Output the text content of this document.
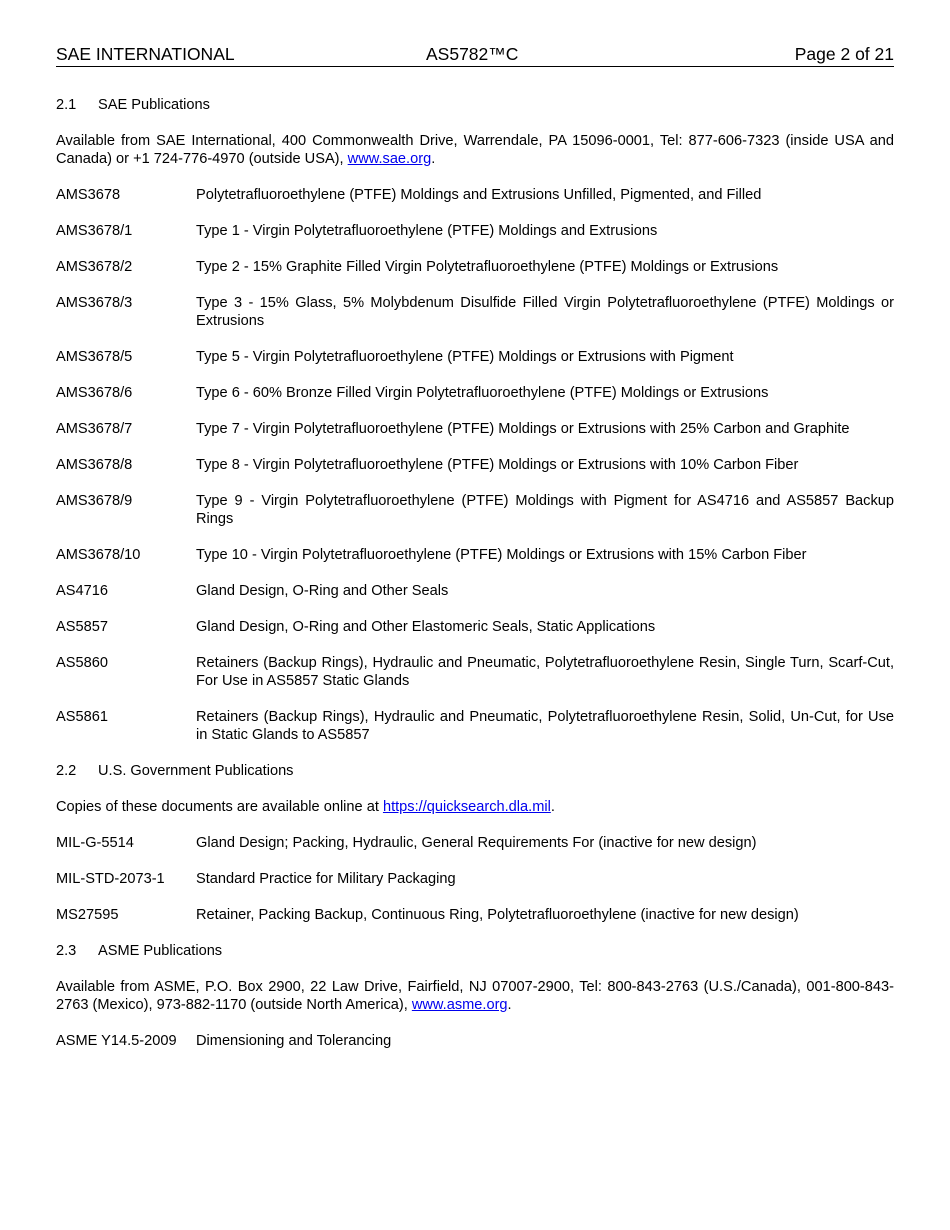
SAE INTERNATIONAL	AS5782™C	Page 2 of 21
2.1	SAE Publications
Available from SAE International, 400 Commonwealth Drive, Warrendale, PA 15096-0001, Tel: 877-606-7323 (inside USA and Canada) or +1 724-776-4970 (outside USA), www.sae.org.
AMS3678	Polytetrafluoroethylene (PTFE) Moldings and Extrusions Unfilled, Pigmented, and Filled
AMS3678/1	Type 1 - Virgin Polytetrafluoroethylene (PTFE) Moldings and Extrusions
AMS3678/2	Type 2 - 15% Graphite Filled Virgin Polytetrafluoroethylene (PTFE) Moldings or Extrusions
AMS3678/3	Type 3 - 15% Glass, 5% Molybdenum Disulfide Filled Virgin Polytetrafluoroethylene (PTFE) Moldings or Extrusions
AMS3678/5	Type 5 - Virgin Polytetrafluoroethylene (PTFE) Moldings or Extrusions with Pigment
AMS3678/6	Type 6 - 60% Bronze Filled Virgin Polytetrafluoroethylene (PTFE) Moldings or Extrusions
AMS3678/7	Type 7 - Virgin Polytetrafluoroethylene (PTFE) Moldings or Extrusions with 25% Carbon and Graphite
AMS3678/8	Type 8 - Virgin Polytetrafluoroethylene (PTFE) Moldings or Extrusions with 10% Carbon Fiber
AMS3678/9	Type 9 - Virgin Polytetrafluoroethylene (PTFE) Moldings with Pigment for AS4716 and AS5857 Backup Rings
AMS3678/10	Type 10 - Virgin Polytetrafluoroethylene (PTFE) Moldings or Extrusions with 15% Carbon Fiber
AS4716	Gland Design, O-Ring and Other Seals
AS5857	Gland Design, O-Ring and Other Elastomeric Seals, Static Applications
AS5860	Retainers (Backup Rings), Hydraulic and Pneumatic, Polytetrafluoroethylene Resin, Single Turn, Scarf-Cut, For Use in AS5857 Static Glands
AS5861	Retainers (Backup Rings), Hydraulic and Pneumatic, Polytetrafluoroethylene Resin, Solid, Un-Cut, for Use in Static Glands to AS5857
2.2	U.S. Government Publications
Copies of these documents are available online at https://quicksearch.dla.mil.
MIL-G-5514	Gland Design; Packing, Hydraulic, General Requirements For (inactive for new design)
MIL-STD-2073-1	Standard Practice for Military Packaging
MS27595	Retainer, Packing Backup, Continuous Ring, Polytetrafluoroethylene (inactive for new design)
2.3	ASME Publications
Available from ASME, P.O. Box 2900, 22 Law Drive, Fairfield, NJ 07007-2900, Tel: 800-843-2763 (U.S./Canada), 001-800-843-2763 (Mexico), 973-882-1170 (outside North America), www.asme.org.
ASME Y14.5-2009	Dimensioning and Tolerancing
